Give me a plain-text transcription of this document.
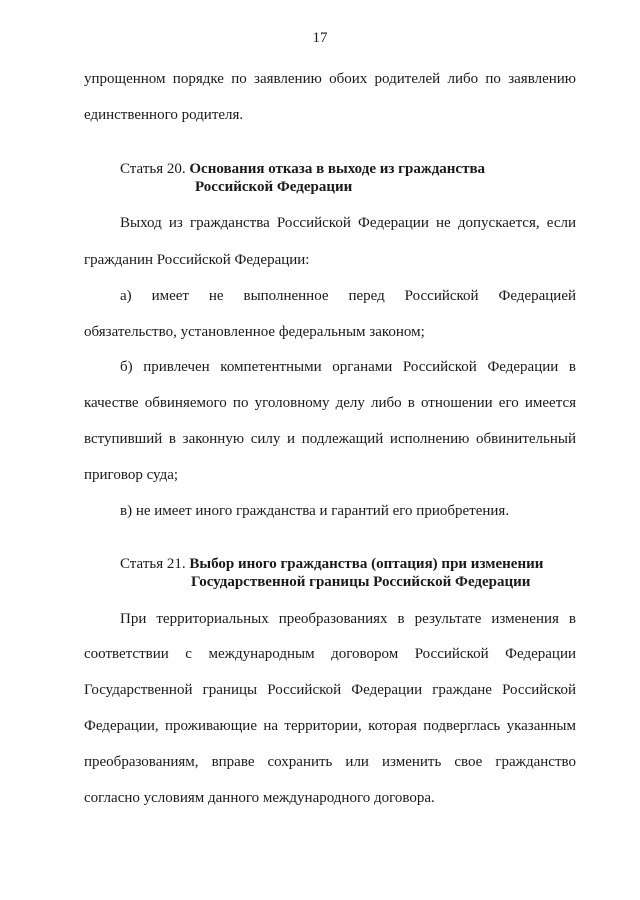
17
упрощенном порядке по заявлению обоих родителей либо по заявлению
единственного родителя.
Статья 20. Основания отказа в выходе из гражданства
Российской Федерации
Выход из гражданства Российской Федерации не допускается, если
гражданин Российской Федерации:
а) имеет не выполненное перед Российской Федерацией
обязательство, установленное федеральным законом;
б) привлечен компетентными органами Российской Федерации в
качестве обвиняемого по уголовному делу либо в отношении его имеется
вступивший в законную силу и подлежащий исполнению обвинительный
приговор суда;
в) не имеет иного гражданства и гарантий его приобретения.
Статья 21. Выбор иного гражданства (оптация) при изменении
Государственной границы Российской Федерации
При территориальных преобразованиях в результате изменения в
соответствии с международным договором Российской Федерации
Государственной границы Российской Федерации граждане Российской
Федерации, проживающие на территории, которая подверглась указанным
преобразованиям, вправе сохранить или изменить свое гражданство
согласно условиям данного международного договора.
